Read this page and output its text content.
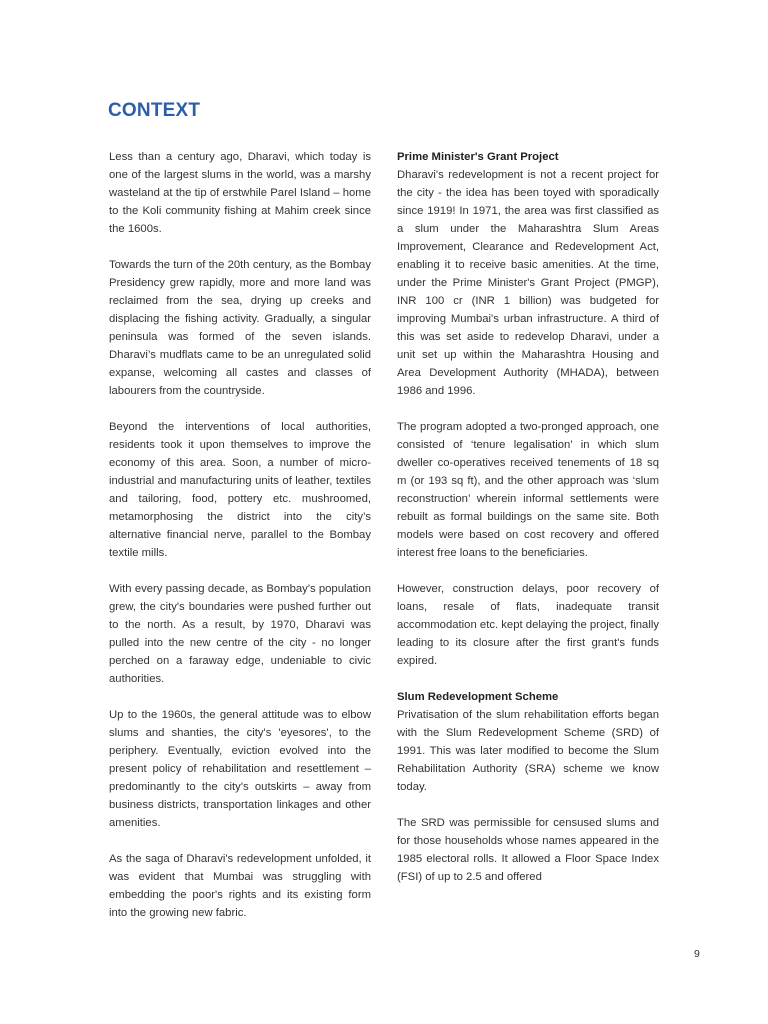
CONTEXT

Less than a century ago, Dharavi, which today is one of the largest slums in the world, was a marshy wasteland at the tip of erstwhile Parel Island – home to the Koli community fishing at Mahim creek since the 1600s.

Towards the turn of the 20th century, as the Bombay Presidency grew rapidly, more and more land was reclaimed from the sea, drying up creeks and displacing the fishing activity. Gradually, a singular peninsula was formed of the seven islands. Dharavi’s mudflats came to be an unregulated solid expanse, welcoming all castes and classes of labourers from the countryside.

Beyond the interventions of local authorities, residents took it upon themselves to improve the economy of this area. Soon, a number of micro-industrial and manufacturing units of leather, textiles and tailoring, food, pottery etc. mushroomed, metamorphosing the district into the city’s alternative financial nerve, parallel to the Bombay textile mills.

With every passing decade, as Bombay's population grew, the city's boundaries were pushed further out to the north. As a result, by 1970, Dharavi was pulled into the new centre of the city - no longer perched on a faraway edge, undeniable to civic authorities.

Up to the 1960s, the general attitude was to elbow slums and shanties, the city's 'eyesores', to the periphery. Eventually, eviction evolved into the present policy of rehabilitation and resettlement – predominantly to the city's outskirts – away from business districts, transportation linkages and other amenities.

As the saga of Dharavi's redevelopment unfolded, it was evident that Mumbai was struggling with embedding the poor's rights and its existing form into the growing new fabric.

Prime Minister's Grant Project

Dharavi's redevelopment is not a recent project for the city - the idea has been toyed with sporadically since 1919! In 1971, the area was first classified as a slum under the Maharashtra Slum Areas Improvement, Clearance and Redevelopment Act, enabling it to receive basic amenities. At the time, under the Prime Minister's Grant Project (PMGP), INR 100 cr (INR 1 billion) was budgeted for improving Mumbai's urban infrastructure. A third of this was set aside to redevelop Dharavi, under a unit set up within the Maharashtra Housing and Area Development Authority (MHADA), between 1986 and 1996.

The program adopted a two-pronged approach, one consisted of ‘tenure legalisation’ in which slum dweller co-operatives received tenements of 18 sq m (or 193 sq ft), and the other approach was ‘slum reconstruction’ wherein informal settlements were rebuilt as formal buildings on the same site. Both models were based on cost recovery and offered interest free loans to the beneficiaries.

However, construction delays, poor recovery of loans, resale of flats, inadequate transit accommodation etc. kept delaying the project, finally leading to its closure after the first grant's funds expired.

Slum Redevelopment Scheme

Privatisation of the slum rehabilitation efforts began with the Slum Redevelopment Scheme (SRD) of 1991. This was later modified to become the Slum Rehabilitation Authority (SRA) scheme we know today.

The SRD was permissible for censused slums and for those households whose names appeared in the 1985 electoral rolls. It allowed a Floor Space Index (FSI) of up to 2.5 and offered

9
